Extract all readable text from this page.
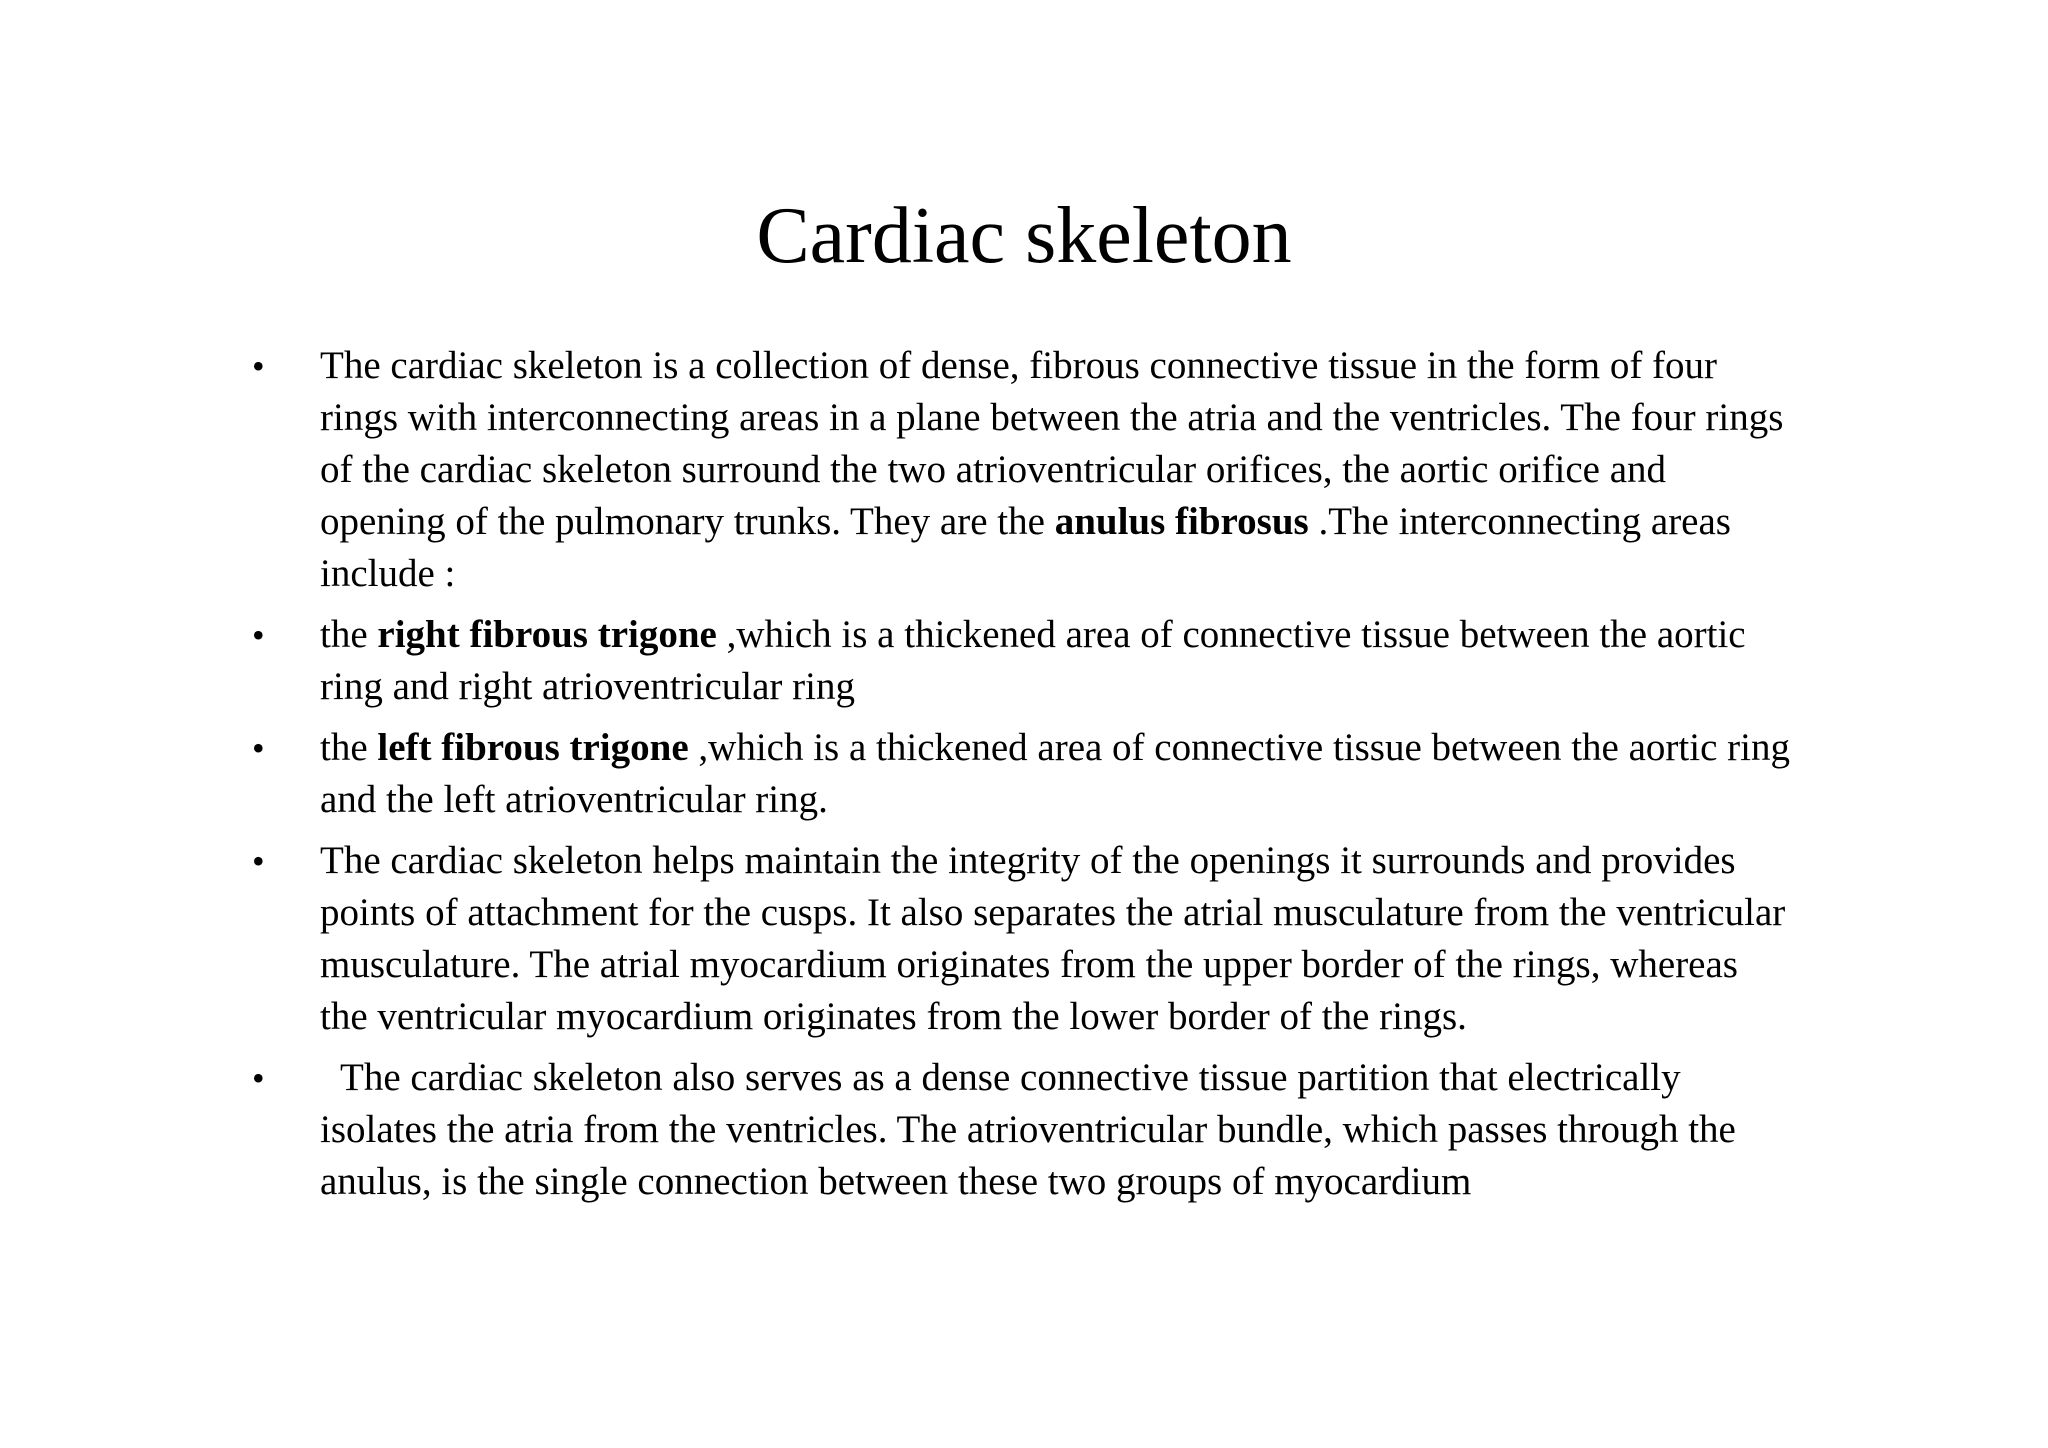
Cardiac skeleton
• The cardiac skeleton is a collection of dense, fibrous connective tissue in the form of four
rings with interconnecting areas in a plane between the atria and the ventricles. The four rings
of the cardiac skeleton surround the two atrioventricular orifices, the aortic orifice and
opening of the pulmonary trunks. They are the anulus fibrosus .The interconnecting areas
include :
• the right fibrous trigone ,which is a thickened area of connective tissue between the aortic
ring and right atrioventricular ring
• the left fibrous trigone ,which is a thickened area of connective tissue between the aortic ring
and the left atrioventricular ring.
• The cardiac skeleton helps maintain the integrity of the openings it surrounds and provides
points of attachment for the cusps. It also separates the atrial musculature from the ventricular
musculature. The atrial myocardium originates from the upper border of the rings, whereas
the ventricular myocardium originates from the lower border of the rings.
•	The cardiac skeleton also serves as a dense connective tissue partition that electrically
isolates the atria from the ventricles. The atrioventricular bundle, which passes through the
anulus, is the single connection between these two groups of myocardium
